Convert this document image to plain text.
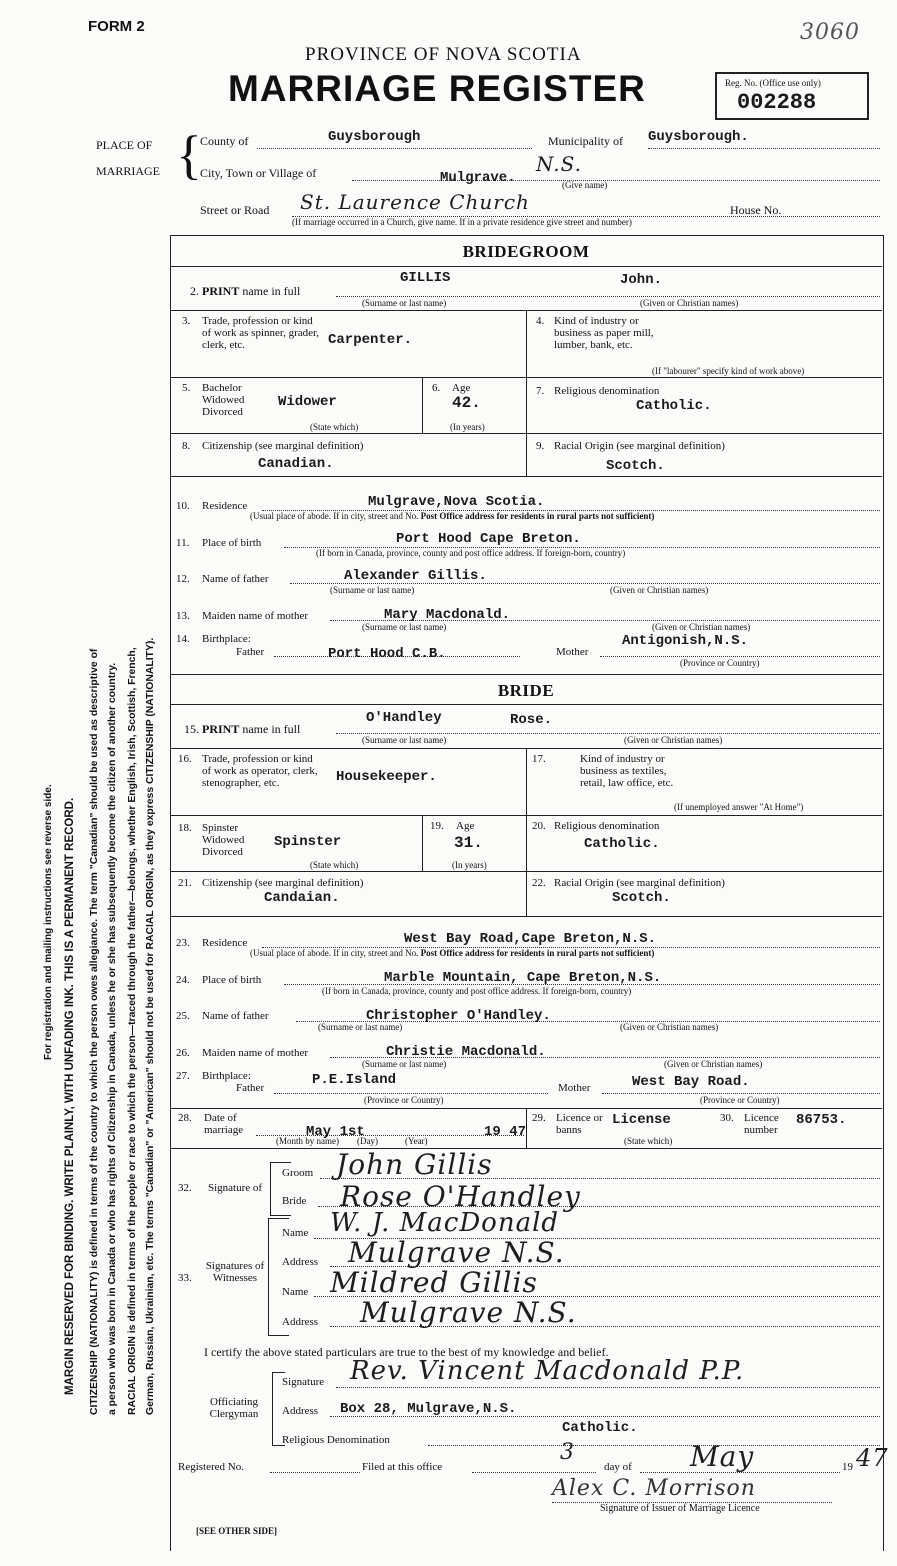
FORM 2	3060
PROVINCE OF NOVA SCOTIA
MARRIAGE REGISTER	Reg. No. (Office use only)
002288
PLACE OF
MARRIAGE {
County of	Guysborough	Municipality of Guysborough.
City, Town or Village of	Mulgrave.
N.S.
(Give name)
Street or Road St. Laurence Church	House No.
(If marriage occurred in a Church, give name. If in a private residence give street and number)
For registration and mailing instructions see reverse side. MARGIN RESERVED FOR BINDING. WRITE PLAINLY, WITH UNFADING INK. THIS IS A PERMANENT RECORD. CITIZENSHIP (NATIONALITY) is defined in terms of the country to which the person owes allegiance. The term "Canadian" should be used as descriptive of a person who was born in Canada or who has rights of Citizenship in Canada, unless he or she has subsequently become the citizen of another country. RACIAL ORIGIN is defined in terms of the people or race to which the person—traced through the father—belongs, whether English, Irish, Scottish, French, German, Russian, Ukrainian, etc. The terms "Canadian" or "American" should not be used for RACIAL ORIGIN, as they express CITIZENSHIP (NATIONALITY).
BRIDEGROOM
2. PRINT name in full
GILLIS	John.
(Surname or last name)	(Given or Christian names)
3. Trade, profession or kind of work as spinner, grader, clerk, etc.	Carpenter.
4. Kind of industry or business as paper mill, lumber, bank, etc.
(If "labourer" specify kind of work above)
5. Bachelor Widowed Divorced
Widower
(State which)
6. Age
42.
(In years)
7. Religious denomination
Catholic.
8. Citizenship (see marginal definition)
Canadian.
9. Racial Origin (see marginal definition)
Scotch.
10. Residence	Mulgrave,Nova Scotia.
(Usual place of abode. If in city, street and No. Post Office address for residents in rural parts not sufficient)
11. Place of birth	Port Hood Cape Breton.
(If born in Canada, province, county and post office address. If foreign-born, country)
12. Name of father	Alexander Gillis.
(Surname or last name)	(Given or Christian names)
13. Maiden name of mother	Mary Macdonald.
(Surname or last name)	(Given or Christian names)
14. Birthplace:
Father	Port Hood C.B.	Mother
Antigonish,N.S.
(Province or Country)
BRIDE
15. PRINT name in full
O'Handley	Rose.
(Surname or last name)	(Given or Christian names)
16. Trade, profession or kind of work as operator, clerk, stenographer, etc.	Housekeeper.
17.	Kind of industry or business as textiles, retail, law office, etc.
(If unemployed answer "At Home")
18. Spinster Widowed Divorced
Spinster
(State which)
19. Age
31.
(In years)
20. Religious denomination
Catholic.
21. Citizenship (see marginal definition)
Candaian.
22. Racial Origin (see marginal definition)
Scotch.
23. Residence	West Bay Road,Cape Breton,N.S.
(Usual place of abode. If in city, street and No. Post Office address for residents in rural parts not sufficient)
24. Place of birth	Marble Mountain, Cape Breton,N.S.
(If born in Canada, province, county and post office address. If foreign-born, country)
25. Name of father	Christopher O'Handley.
(Surname or last name)	(Given or Christian names)
26. Maiden name of mother	Christie Macdonald.
(Surname or last name)	(Given or Christian names)
27. Birthplace:
Father	P.E.Island
(Province or Country)
Mother	West Bay Road.
(Province or Country)
28. Date of marriage	May 1st	19 47
(Month by name)        (Day)            (Year)
29. Licence or banns
License
(State which)
30. Licence number
86753.
32.	Signature of
Groom John Gillis
Bride Rose O'Handley
33.
Signatures of Witnesses
Name W. J. MacDonald
Address Mulgrave N.S.
Name Mildred Gillis
Address Mulgrave N.S.
I certify the above stated particulars are true to the best of my knowledge and belief.
Officiating Clergyman
Signature Rev. Vincent Macdonald P.P.
Address Box 28, Mulgrave,N.S.
Religious Denomination
Catholic.
Registered No.	Filed at this office
3
day of May	19 47
Alex C. Morrison
Signature of Issuer of Marriage Licence
[SEE OTHER SIDE]
